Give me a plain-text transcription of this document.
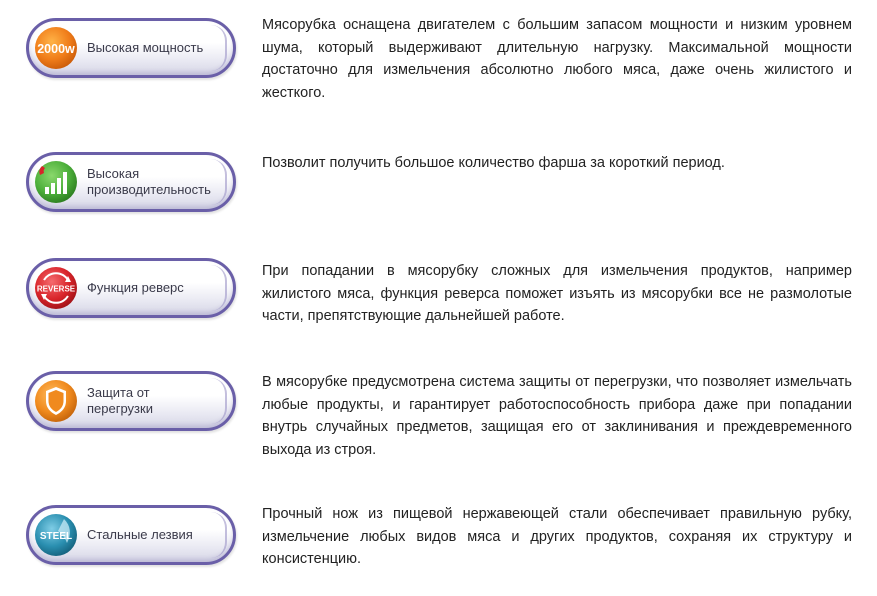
2000w Высокая мощность

Мясорубка оснащена двигателем с большим запасом мощности и низким уровнем шума, который выдерживают длительную нагрузку. Максимальной мощности достаточно для измельчения абсолютно любого мяса, даже очень жилистого и жесткого.

Высокая производительность

Позволит получить большое количество фарша за короткий период.

REVERSE Функция реверс

При попадании в мясорубку сложных для измельчения продуктов, например жилистого мяса, функция реверса поможет изъять из мясорубки все не размолотые части, препятствующие дальнейшей работе.

Защита от перегрузки

В мясорубке предусмотрена система защиты от перегрузки, что позволяет измельчать любые продукты, и гарантирует работоспособность прибора даже при попадании внутрь случайных предметов, защищая его от заклинивания и преждевременного выхода из строя.

STEEL Стальные лезвия

Прочный нож из пищевой нержавеющей стали обеспечивает правильную рубку, измельчение любых видов мяса и других продуктов, сохраняя их структуру и консистенцию.
